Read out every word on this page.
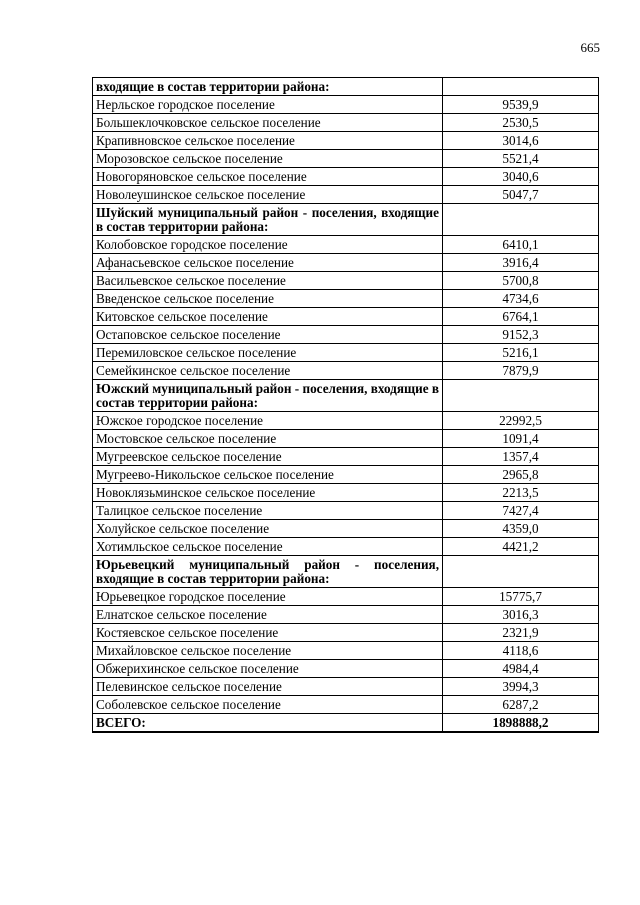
665
входящие в состав территории района:	
Нерльское городское поселение	9539,9
Большеклочковское сельское поселение	2530,5
Крапивновское сельское поселение	3014,6
Морозовское сельское поселение	5521,4
Новогоряновское сельское поселение	3040,6
Новолеушинское сельское поселение	5047,7
Шуйский муниципальный район - поселения, входящие в состав территории района:	
Колобовское городское поселение	6410,1
Афанасьевское сельское поселение	3916,4
Васильевское сельское поселение	5700,8
Введенское сельское поселение	4734,6
Китовское сельское поселение	6764,1
Остаповское сельское поселение	9152,3
Перемиловское сельское поселение	5216,1
Семейкинское сельское поселение	7879,9
Южский муниципальный район - поселения, входящие в состав территории района:	
Южское городское поселение	22992,5
Мостовское сельское поселение	1091,4
Мугреевское сельское поселение	1357,4
Мугреево-Никольское сельское поселение	2965,8
Новоклязьминское сельское поселение	2213,5
Талицкое сельское поселение	7427,4
Холуйское сельское поселение	4359,0
Хотимльское сельское поселение	4421,2
Юрьевецкий муниципальный район - поселения, входящие в состав территории района:	
Юрьевецкое городское поселение	15775,7
Елнатское сельское поселение	3016,3
Костяевское сельское поселение	2321,9
Михайловское сельское поселение	4118,6
Обжерихинское сельское поселение	4984,4
Пелевинское сельское поселение	3994,3
Соболевское сельское поселение	6287,2
ВСЕГО:	1898888,2
